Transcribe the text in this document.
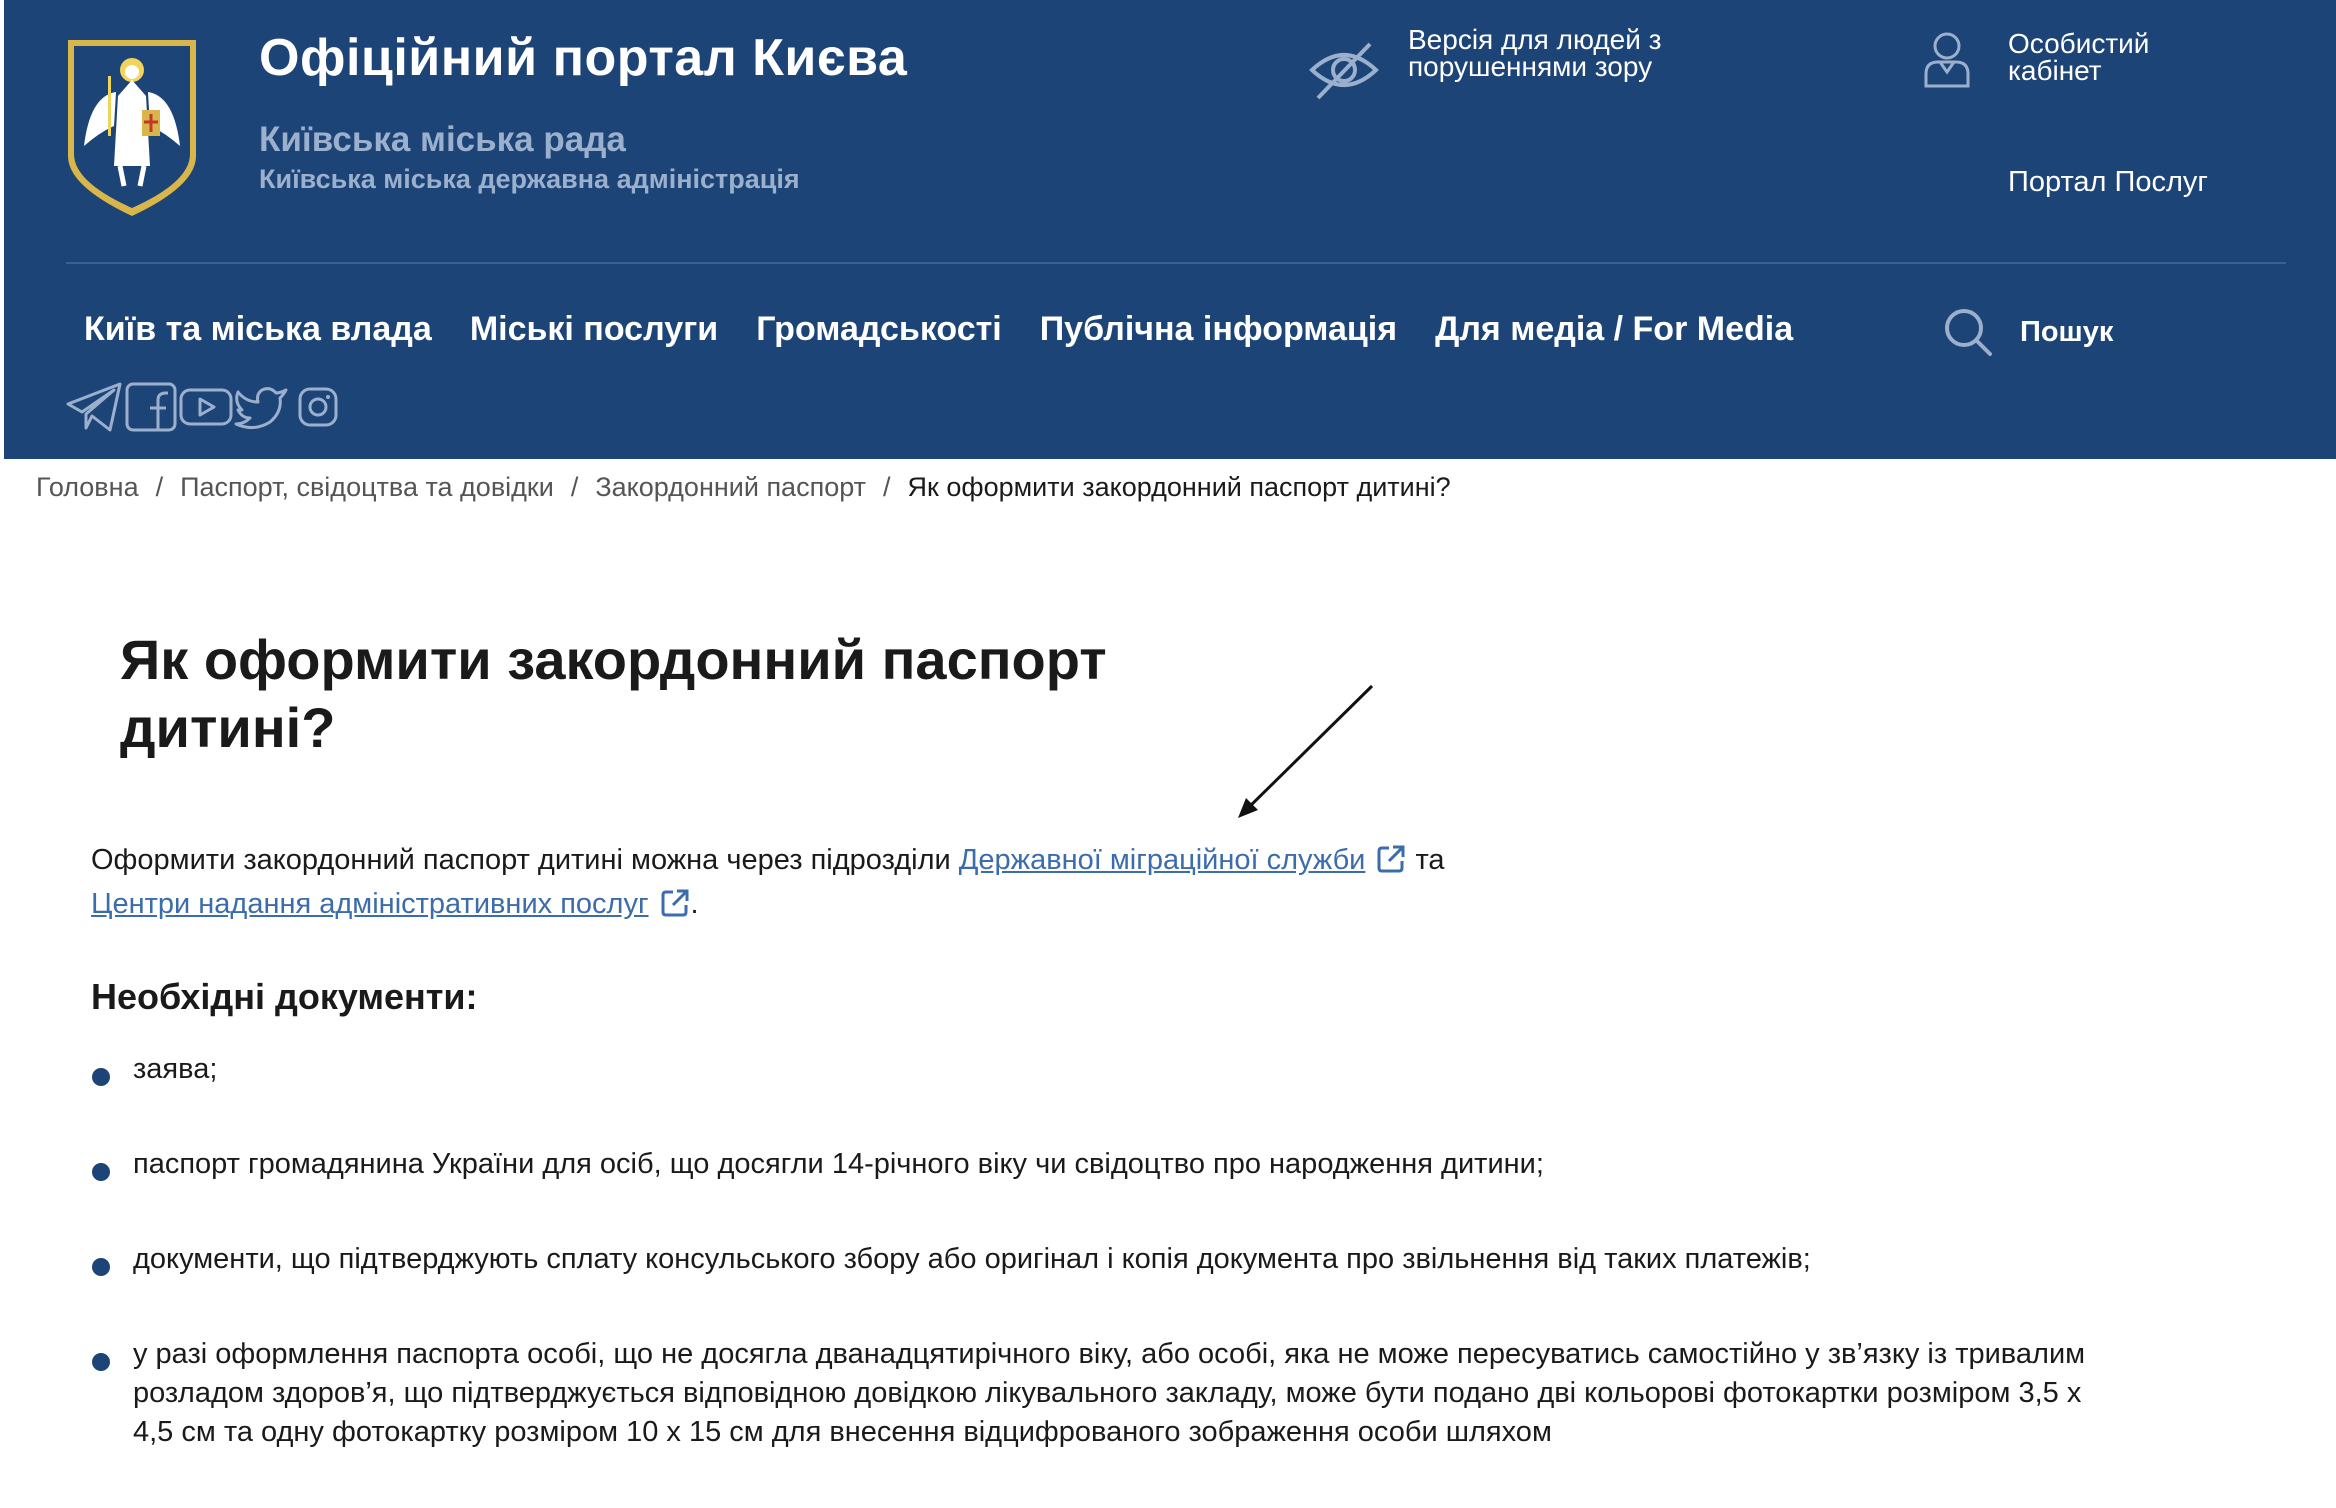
Офіційний портал Києва
Київська міська рада
Київська міська державна адміністрація
Версія для людей з порушеннями зору
Особистий кабінет
Портал Послуг
Київ та міська влада Міські послуги Громадськості Публічна інформація Для медіа / For Media	Пошук
Головна / Паспорт, свідоцтва та довідки / Закордонний паспорт / Як оформити закордонний паспорт дитині?
Як оформити закордонний паспорт дитині?
Оформити закордонний паспорт дитині можна через підрозділи Державної міграційної служби та
Центри надання адміністративних послуг .
Необхідні документи:
заява;
паспорт громадянина України для осіб, що досягли 14-річного віку чи свідоцтво про народження дитини;
документи, що підтверджують сплату консульського збору або оригінал і копія документа про звільнення від таких платежів;
у разі оформлення паспорта особі, що не досягла дванадцятирічного віку, або особі, яка не може пересуватись самостійно у зв’язку із тривалим розладом здоров’я, що підтверджується відповідною довідкою лікувального закладу, може бути подано дві кольорові фотокартки розміром 3,5 х 4,5 см та одну фотокартку розміром 10 х 15 см для внесення відцифрованого зображення особи шляхом
